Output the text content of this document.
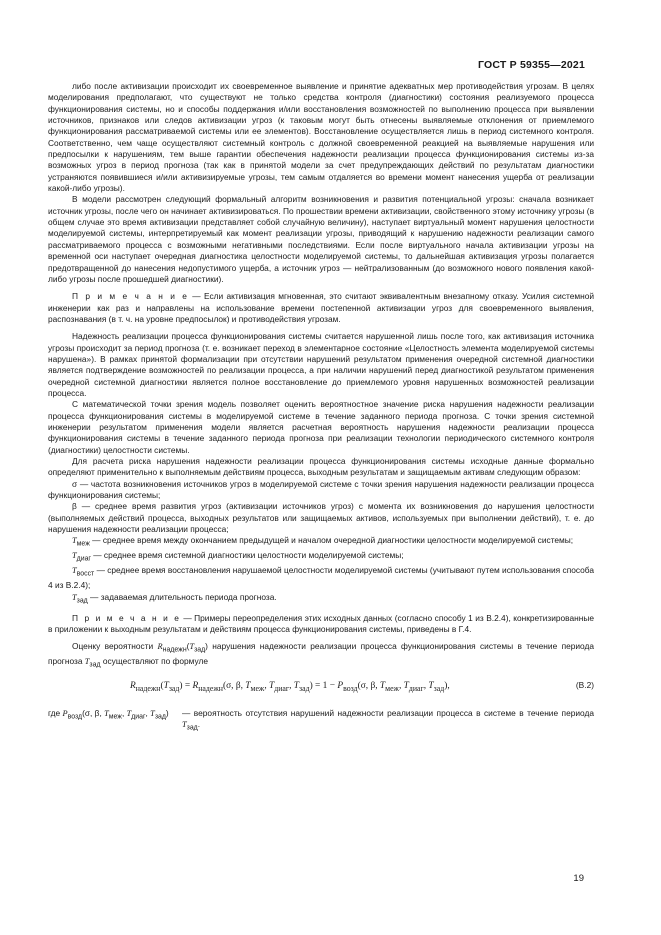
ГОСТ Р 59355—2021

либо после активизации происходит их своевременное выявление и принятие адекватных мер противодействия угрозам. В целях моделирования предполагают, что существуют не только средства контроля (диагностики) состояния реализуемого процесса функционирования системы, но и способы поддержания и/или восстановления возможностей по выполнению процесса при выявлении источников, признаков или следов активизации угроз (к таковым могут быть отнесены выявляемые отклонения от приемлемого функционирования рассматриваемой системы или ее элементов). Восстановление осуществляется лишь в период системного контроля. Соответственно, чем чаще осуществляют системный контроль с должной своевременной реакцией на выявляемые нарушения или предпосылки к нарушениям, тем выше гарантии обеспечения надежности реализации процесса функционирования системы из-за возможных угроз в период прогноза (так как в принятой модели за счет предупреждающих действий по результатам диагностики устраняются появившиеся и/или активизируемые угрозы, тем самым отдаляется во времени момент нанесения ущерба от реализации какой-либо угрозы).

В модели рассмотрен следующий формальный алгоритм возникновения и развития потенциальной угрозы: сначала возникает источник угрозы, после чего он начинает активизироваться. По прошествии времени активизации, свойственного этому источнику угрозы (в общем случае это время активизации представляет собой случайную величину), наступает виртуальный момент нарушения целостности моделируемой системы, интерпретируемый как момент реализации угрозы, приводящий к нарушению надежности реализации самого рассматриваемого процесса с возможными негативными последствиями. Если после виртуального начала активизации угрозы на временной оси наступает очередная диагностика целостности моделируемой системы, то дальнейшая активизация угрозы полагается предотвращенной до нанесения недопустимого ущерба, а источник угроз — нейтрализованным (до возможного нового появления какой-либо угрозы после прошедшей диагностики).

П р и м е ч а н и е — Если активизация мгновенная, это считают эквивалентным внезапному отказу. Усилия системной инженерии как раз и направлены на использование времени постепенной активизации угроз для своевременного выявления, распознавания (в т. ч. на уровне предпосылок) и противодействия угрозам.

Надежность реализации процесса функционирования системы считается нарушенной лишь после того, как активизация источника угрозы происходит за период прогноза (т. е. возникает переход в элементарное состояние «Целостность элемента моделируемой системы нарушена»). В рамках принятой формализации при отсутствии нарушений результатом применения очередной системной диагностики является подтверждение возможностей по реализации процесса, а при наличии нарушений перед диагностикой результатом применения очередной системной диагностики является полное восстановление до приемлемого уровня нарушенных возможностей реализации процесса.

С математической точки зрения модель позволяет оценить вероятностное значение риска нарушения надежности реализации процесса функционирования системы в моделируемой системе в течение заданного периода прогноза. С точки зрения системной инженерии результатом применения модели является расчетная вероятность нарушения надежности реализации процесса функционирования системы в течение заданного периода прогноза при реализации технологии периодического системного контроля (диагностики) целостности системы.

Для расчета риска нарушения надежности реализации процесса функционирования системы исходные данные формально определяют применительно к выполняемым действиям процесса, выходным результатам и защищаемым активам следующим образом:

σ — частота возникновения источников угроз в моделируемой системе с точки зрения нарушения надежности реализации процесса функционирования системы;

β — среднее время развития угроз (активизации источников угроз) с момента их возникновения до нарушения целостности (выполняемых действий процесса, выходных результатов или защищаемых активов, используемых при выполнении действий), т. е. до нарушения надежности реализации процесса;

$T_{меж}$ — среднее время между окончанием предыдущей и началом очередной диагностики целостности моделируемой системы;

$T_{диаг}$ — среднее время системной диагностики целостности моделируемой системы;

$T_{восст}$ — среднее время восстановления нарушаемой целостности моделируемой системы (учитывают путем использования способа 4 из В.2.4);

$T_{зад}$ — задаваемая длительность периода прогноза.

П р и м е ч а н и е — Примеры переопределения этих исходных данных (согласно способу 1 из В.2.4), конкретизированные в приложении к выходным результатам и действиям процесса функционирования системы, приведены в Г.4.

Оценку вероятности $R_{надежн}(T_{зад})$ нарушения надежности реализации процесса функционирования системы в течение периода прогноза $T_{зад}$ осуществляют по формуле

$R_{надежн}(T_{зад}) = R_{надежн}(\sigma$, β, $T_{меж}$, $T_{диаг}$, $T_{зад}) = 1 - P_{возд}(\sigma$, β, $T_{меж}$, $T_{диаг}$, $T_{зад}$),	(В.2)
где $P_{возд}(\sigma$, β, $T_{меж}$, $T_{диаг}$, $T_{зад}$)	— вероятность отсутствия нарушений надежности реализации процесса в системе в течение периода $T_{зад}$.
19
